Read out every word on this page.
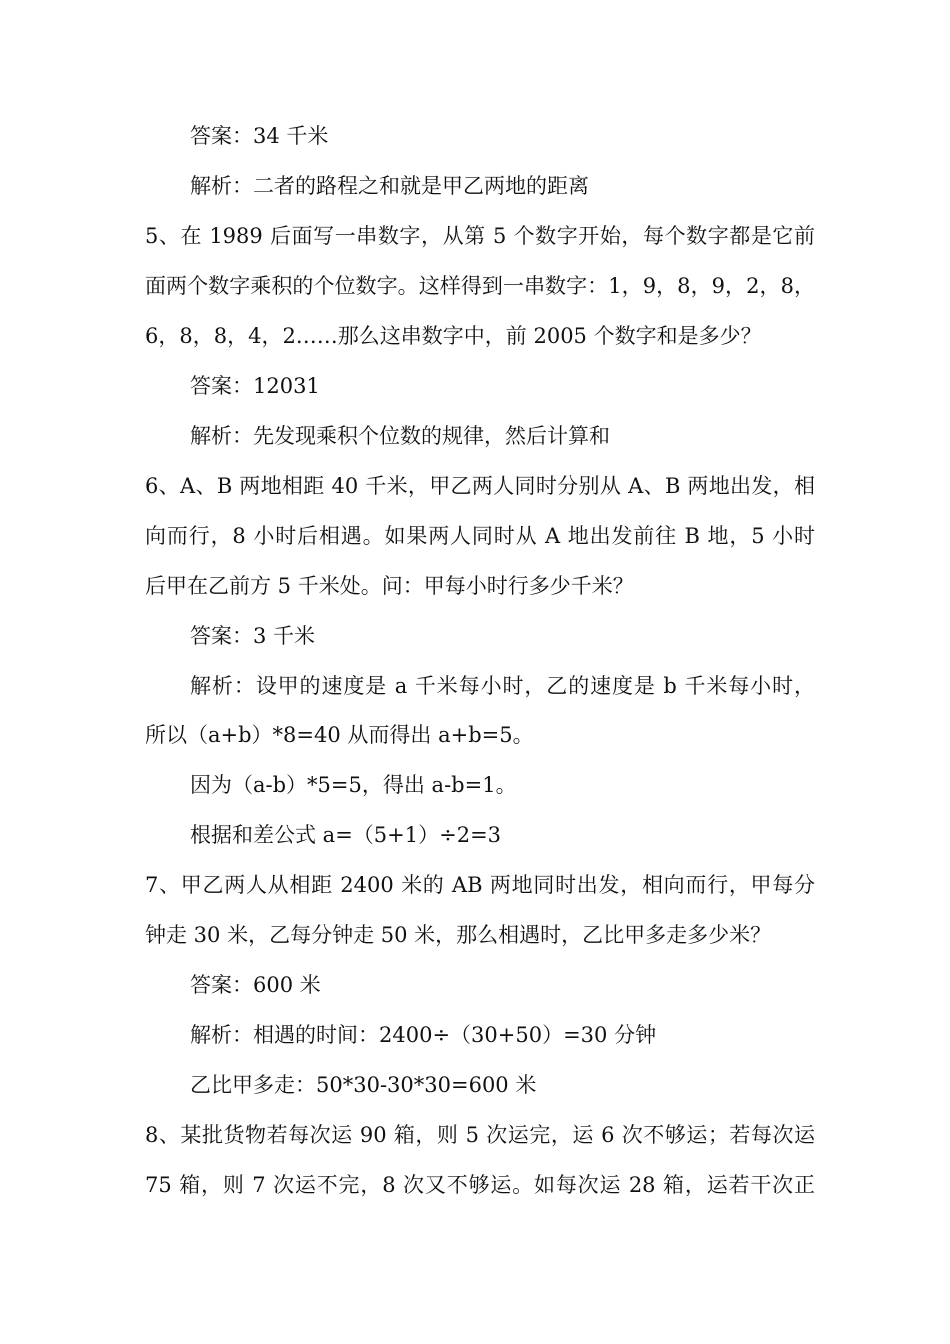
答案：34 千米
解析：二者的路程之和就是甲乙两地的距离
5、在 1989 后面写一串数字，从第 5 个数字开始，每个数字都是它前
面两个数字乘积的个位数字。这样得到一串数字：1，9，8，9，2，8，
6，8，8，4，2……那么这串数字中，前 2005 个数字和是多少？
答案：12031
解析：先发现乘积个位数的规律，然后计算和
6、A、B 两地相距 40 千米，甲乙两人同时分别从 A、B 两地出发，相
向而行，8 小时后相遇。如果两人同时从 A 地出发前往 B 地，5 小时
后甲在乙前方 5 千米处。问：甲每小时行多少千米？
答案：3 千米
解析：设甲的速度是 a 千米每小时，乙的速度是 b 千米每小时，
所以（a+b）*8=40 从而得出 a+b=5。
因为（a-b）*5=5，得出 a-b=1。
根据和差公式 a=（5+1）÷2=3
7、甲乙两人从相距 2400 米的 AB 两地同时出发，相向而行，甲每分
钟走 30 米，乙每分钟走 50 米，那么相遇时，乙比甲多走多少米？
答案：600 米
解析：相遇的时间：2400÷（30+50）=30 分钟
乙比甲多走：50*30-30*30=600 米
8、某批货物若每次运 90 箱，则 5 次运完，运 6 次不够运；若每次运
75 箱，则 7 次运不完，8 次又不够运。如每次运 28 箱，运若干次正
